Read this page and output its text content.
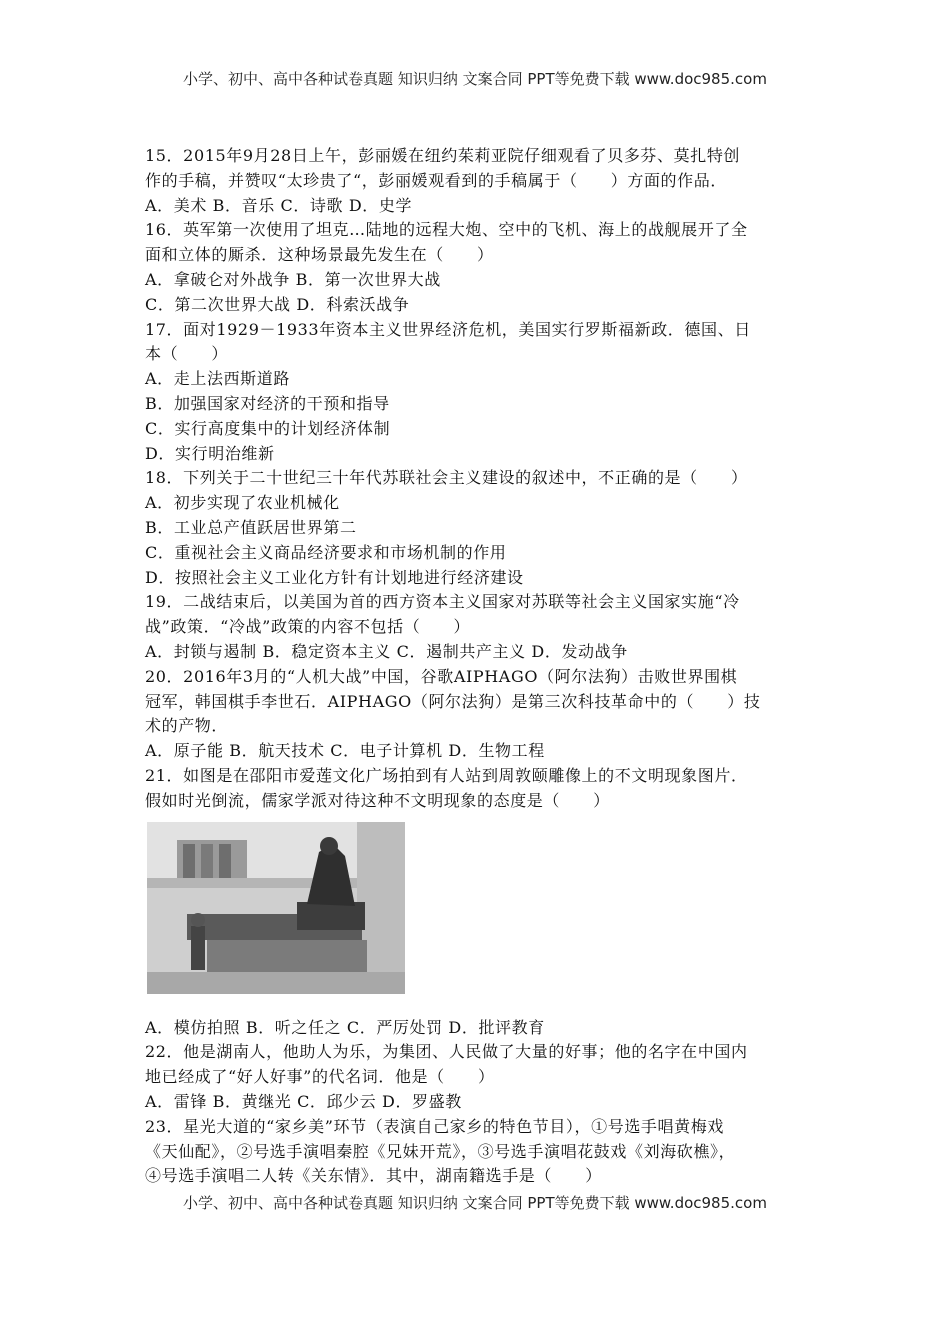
小学、初中、高中各种试卷真题 知识归纳 文案合同 PPT等免费下载 www.doc985.com
15．2015年9月28日上午，彭丽媛在纽约茱莉亚院仔细观看了贝多芬、莫扎特创
作的手稿，并赞叹“太珍贵了“，彭丽媛观看到的手稿属于（　　）方面的作品．
A．美术 B．音乐 C．诗歌 D．史学
16．英军第一次使用了坦克…陆地的远程大炮、空中的飞机、海上的战舰展开了全
面和立体的厮杀．这种场景最先发生在（　　）
A．拿破仑对外战争 B．第一次世界大战
C．第二次世界大战 D．科索沃战争
17．面对1929－1933年资本主义世界经济危机，美国实行罗斯福新政．德国、日
本（　　）
A．走上法西斯道路
B．加强国家对经济的干预和指导
C．实行高度集中的计划经济体制
D．实行明治维新
18．下列关于二十世纪三十年代苏联社会主义建设的叙述中，不正确的是（　　）
A．初步实现了农业机械化
B．工业总产值跃居世界第二
C．重视社会主义商品经济要求和市场机制的作用
D．按照社会主义工业化方针有计划地进行经济建设
19．二战结束后，以美国为首的西方资本主义国家对苏联等社会主义国家实施“冷
战”政策．“冷战”政策的内容不包括（　　）
A．封锁与遏制 B．稳定资本主义 C．遏制共产主义 D．发动战争
20．2016年3月的“人机大战”中国，谷歌AIPHAGO（阿尔法狗）击败世界围棋
冠军，韩国棋手李世石．AIPHAGO（阿尔法狗）是第三次科技革命中的（　　）技
术的产物．
A．原子能 B．航天技术 C．电子计算机 D．生物工程
21．如图是在邵阳市爱莲文化广场拍到有人站到周敦颐雕像上的不文明现象图片．
假如时光倒流，儒家学派对待这种不文明现象的态度是（　　）
A．模仿拍照 B．听之任之 C．严厉处罚 D．批评教育
22．他是湖南人，他助人为乐，为集团、人民做了大量的好事；他的名字在中国内
地已经成了“好人好事”的代名词．他是（　　）
A．雷锋 B．黄继光 C．邱少云 D．罗盛教
23．星光大道的“家乡美”环节（表演自己家乡的特色节目），①号选手唱黄梅戏
《天仙配》，②号选手演唱秦腔《兄妹开荒》，③号选手演唱花鼓戏《刘海砍樵》，
④号选手演唱二人转《关东情》．其中，湖南籍选手是（　　）
小学、初中、高中各种试卷真题 知识归纳 文案合同 PPT等免费下载 www.doc985.com
